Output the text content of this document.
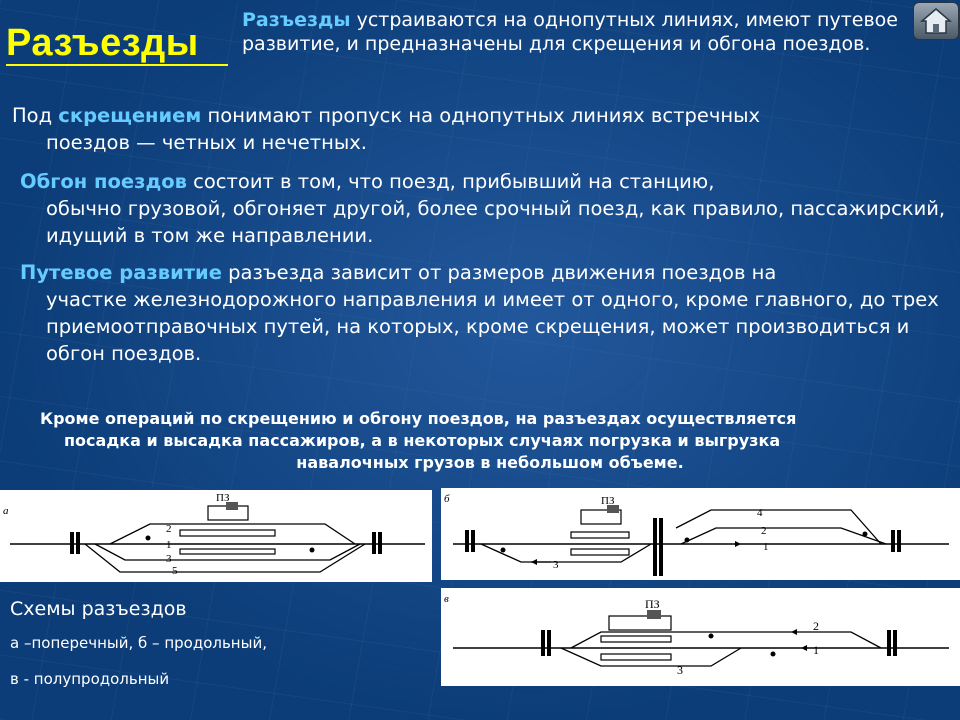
Разъезды
Разъезды устраиваются на однопутных линиях, имеют путевое развитие, и предназначены для скрещения и обгона поездов.
Под скрещением понимают пропуск на однопутных линиях встречных
поездов — четных и нечетных.
Обгон поездов состоит в том, что поезд, прибывший на станцию,
обычно грузовой, обгоняет другой, более срочный поезд, как правило, пассажирский, идущий в том же направлении.
Путевое развитие разъезда зависит от размеров движения поездов на
участке железнодорожного направления и имеет от одного, кроме главного, до трех приемоотправочных путей, на которых, кроме скрещения, может производиться и обгон поездов.
Кроме операций по скрещению и обгону поездов, на разъездах осуществляется
посадка и высадка пассажиров, а в некоторых случаях погрузка и выгрузка
навалочных грузов в небольшом объеме.
а
ПЗ
2
1
3
5
б	ПЗ
4
2
1
3
в	ПЗ
2
1
3
Схемы разъездов
а –поперечный, б – продольный,
в - полупродольный
